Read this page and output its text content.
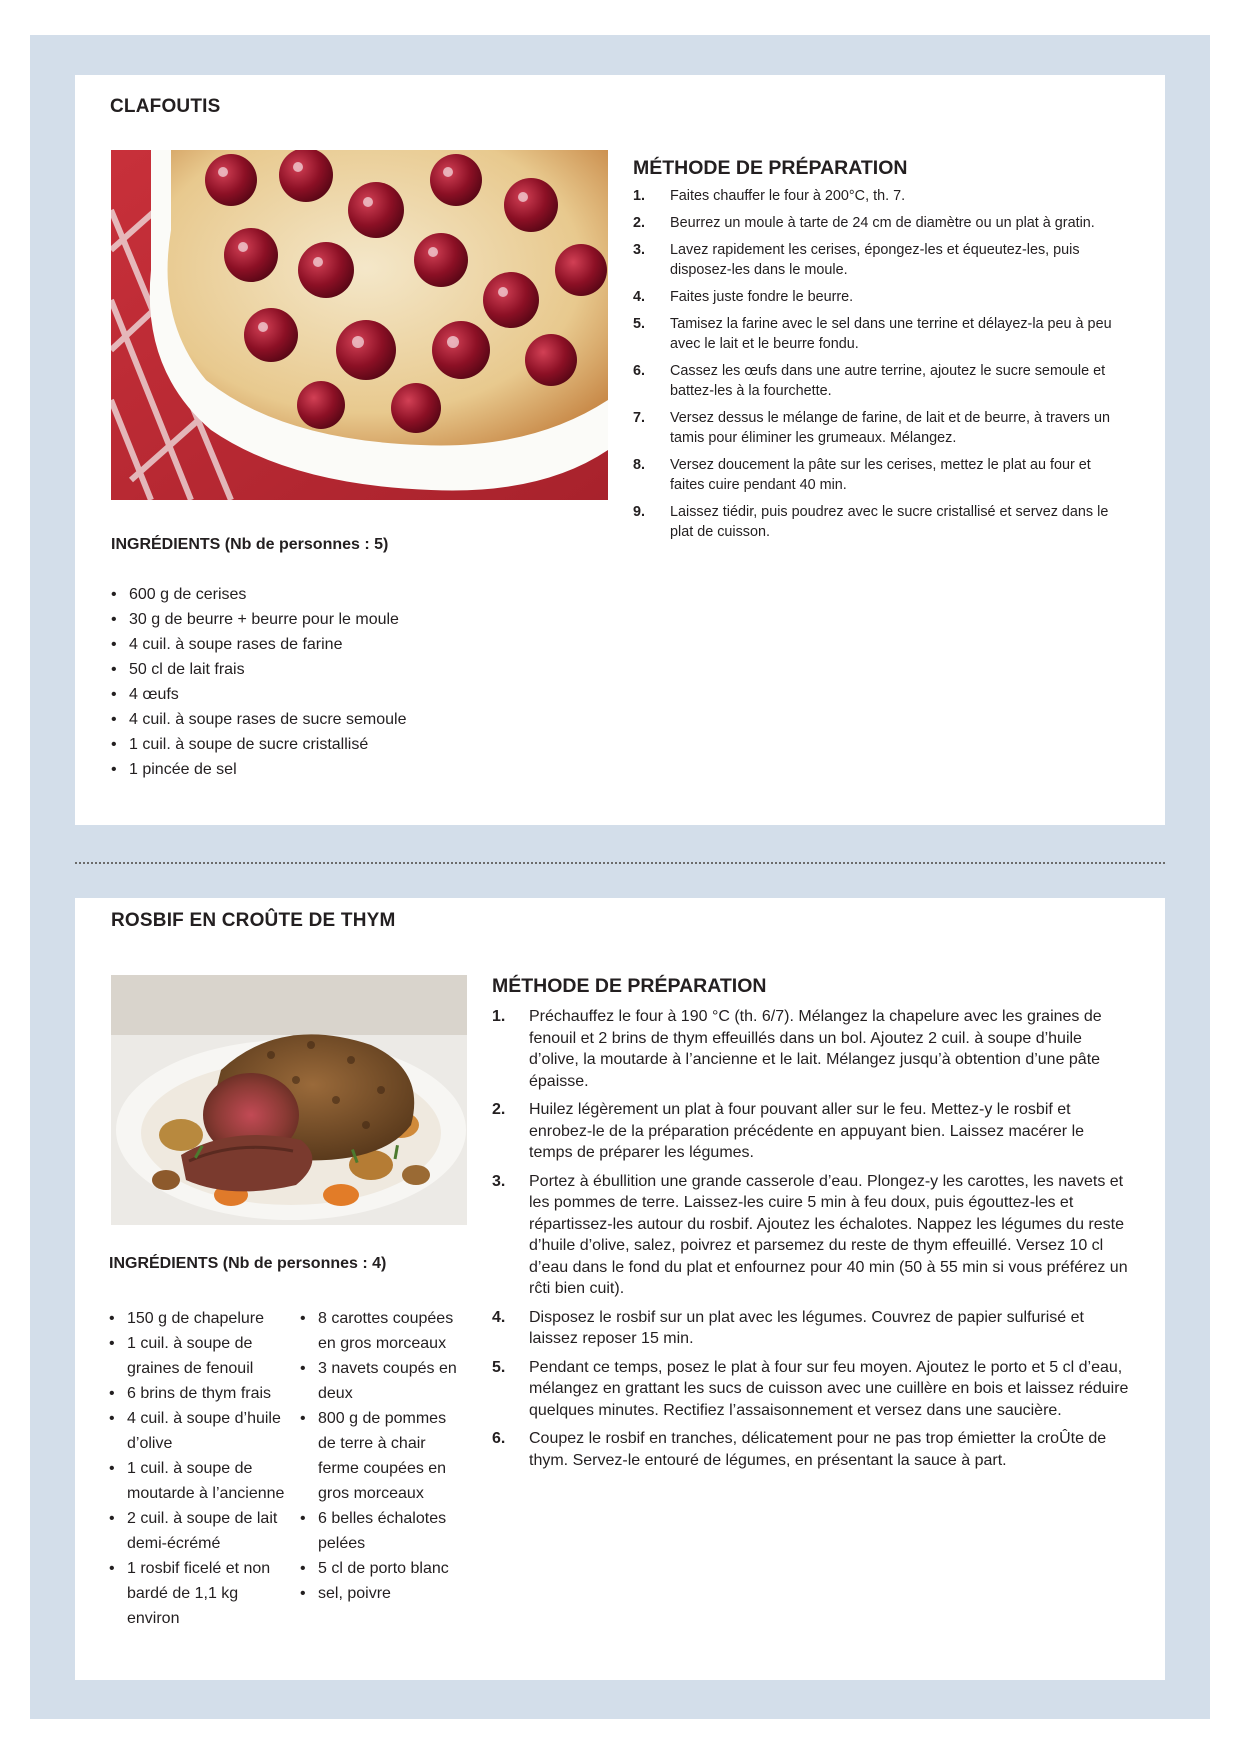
CLAFOUTIS
INGRÉDIENTS (Nb de personnes : 5)
• 600 g de cerises
• 30 g de beurre + beurre pour le moule
• 4 cuil. à soupe rases de farine
• 50 cl de lait frais
• 4 œufs
• 4 cuil. à soupe rases de sucre semoule
• 1 cuil. à soupe de sucre cristallisé
• 1 pincée de sel
MÉTHODE DE PRÉPARATION
1.	Faites chauffer le four à 200°C, th. 7.
2.	Beurrez un moule à tarte de 24 cm de diamètre ou un plat à gratin.
3.	Lavez rapidement les cerises, épongez-les et équeutez-les, puis disposez-les dans le moule.
4.	Faites juste fondre le beurre.
5.	Tamisez la farine avec le sel dans une terrine et délayez-la peu à peu avec le lait et le beurre fondu.
6.	Cassez les œufs dans une autre terrine, ajoutez le sucre semoule et battez-les à la fourchette.
7.	Versez dessus le mélange de farine, de lait et de beurre, à travers un tamis pour éliminer les grumeaux. Mélangez.
8.	Versez doucement la pâte sur les cerises, mettez le plat au four et faites cuire pendant 40 min.
9.	Laissez tiédir, puis poudrez avec le sucre cristallisé et servez dans le plat de cuisson.
ROSBIF EN CROÛTE DE THYM
INGRÉDIENTS (Nb de personnes : 4)
• 150 g de chapelure
• 1 cuil. à soupe de graines de fenouil
• 6 brins de thym frais
• 4 cuil. à soupe d’huile d’olive
• 1 cuil. à soupe de moutarde à l’ancienne
• 2 cuil. à soupe de lait demi-écrémé
• 1 rosbif ficelé et non bardé de 1,1 kg environ
• 8 carottes coupées en gros morceaux
• 3 navets coupés en deux
• 800 g de pommes de terre à chair ferme coupées en gros morceaux
• 6 belles échalotes pelées
• 5 cl de porto blanc
• sel, poivre
MÉTHODE DE PRÉPARATION
1.	Préchauffez le four à 190 °C (th. 6/7). Mélangez la chapelure avec les graines de fenouil et 2 brins de thym effeuillés dans un bol. Ajoutez 2 cuil. à soupe d’huile d’olive, la moutarde à l’ancienne et le lait. Mélangez jusqu’à obtention d’une pâte épaisse.
2.	Huilez légèrement un plat à four pouvant aller sur le feu. Mettez-y le rosbif et enrobez-le de la préparation précédente en appuyant bien. Laissez macérer le temps de préparer les légumes.
3.	Portez à ébullition une grande casserole d’eau. Plongez-y les carottes, les navets et les pommes de terre. Laissez-les cuire 5 min à feu doux, puis égouttez-les et répartissez-les autour du rosbif. Ajoutez les échalotes. Nappez les légumes du reste d’huile d’olive, salez, poivrez et parsemez du reste de thym effeuillé. Versez 10 cl d’eau dans le fond du plat et enfournez pour 40 min (50 à 55 min si vous préférez un rĉti bien cuit).
4.	Disposez le rosbif sur un plat avec les légumes. Couvrez de papier sulfurisé et laissez reposer 15 min.
5.	Pendant ce temps, posez le plat à four sur feu moyen. Ajoutez le porto et 5 cl d’eau, mélangez en grattant les sucs de cuisson avec une cuillère en bois et laissez réduire quelques minutes. Rectifiez l’assaisonnement et versez dans une saucière.
6.	Coupez le rosbif en tranches, délicatement pour ne pas trop émietter la croÛte de thym. Servez-le entouré de légumes, en présentant la sauce à part.
